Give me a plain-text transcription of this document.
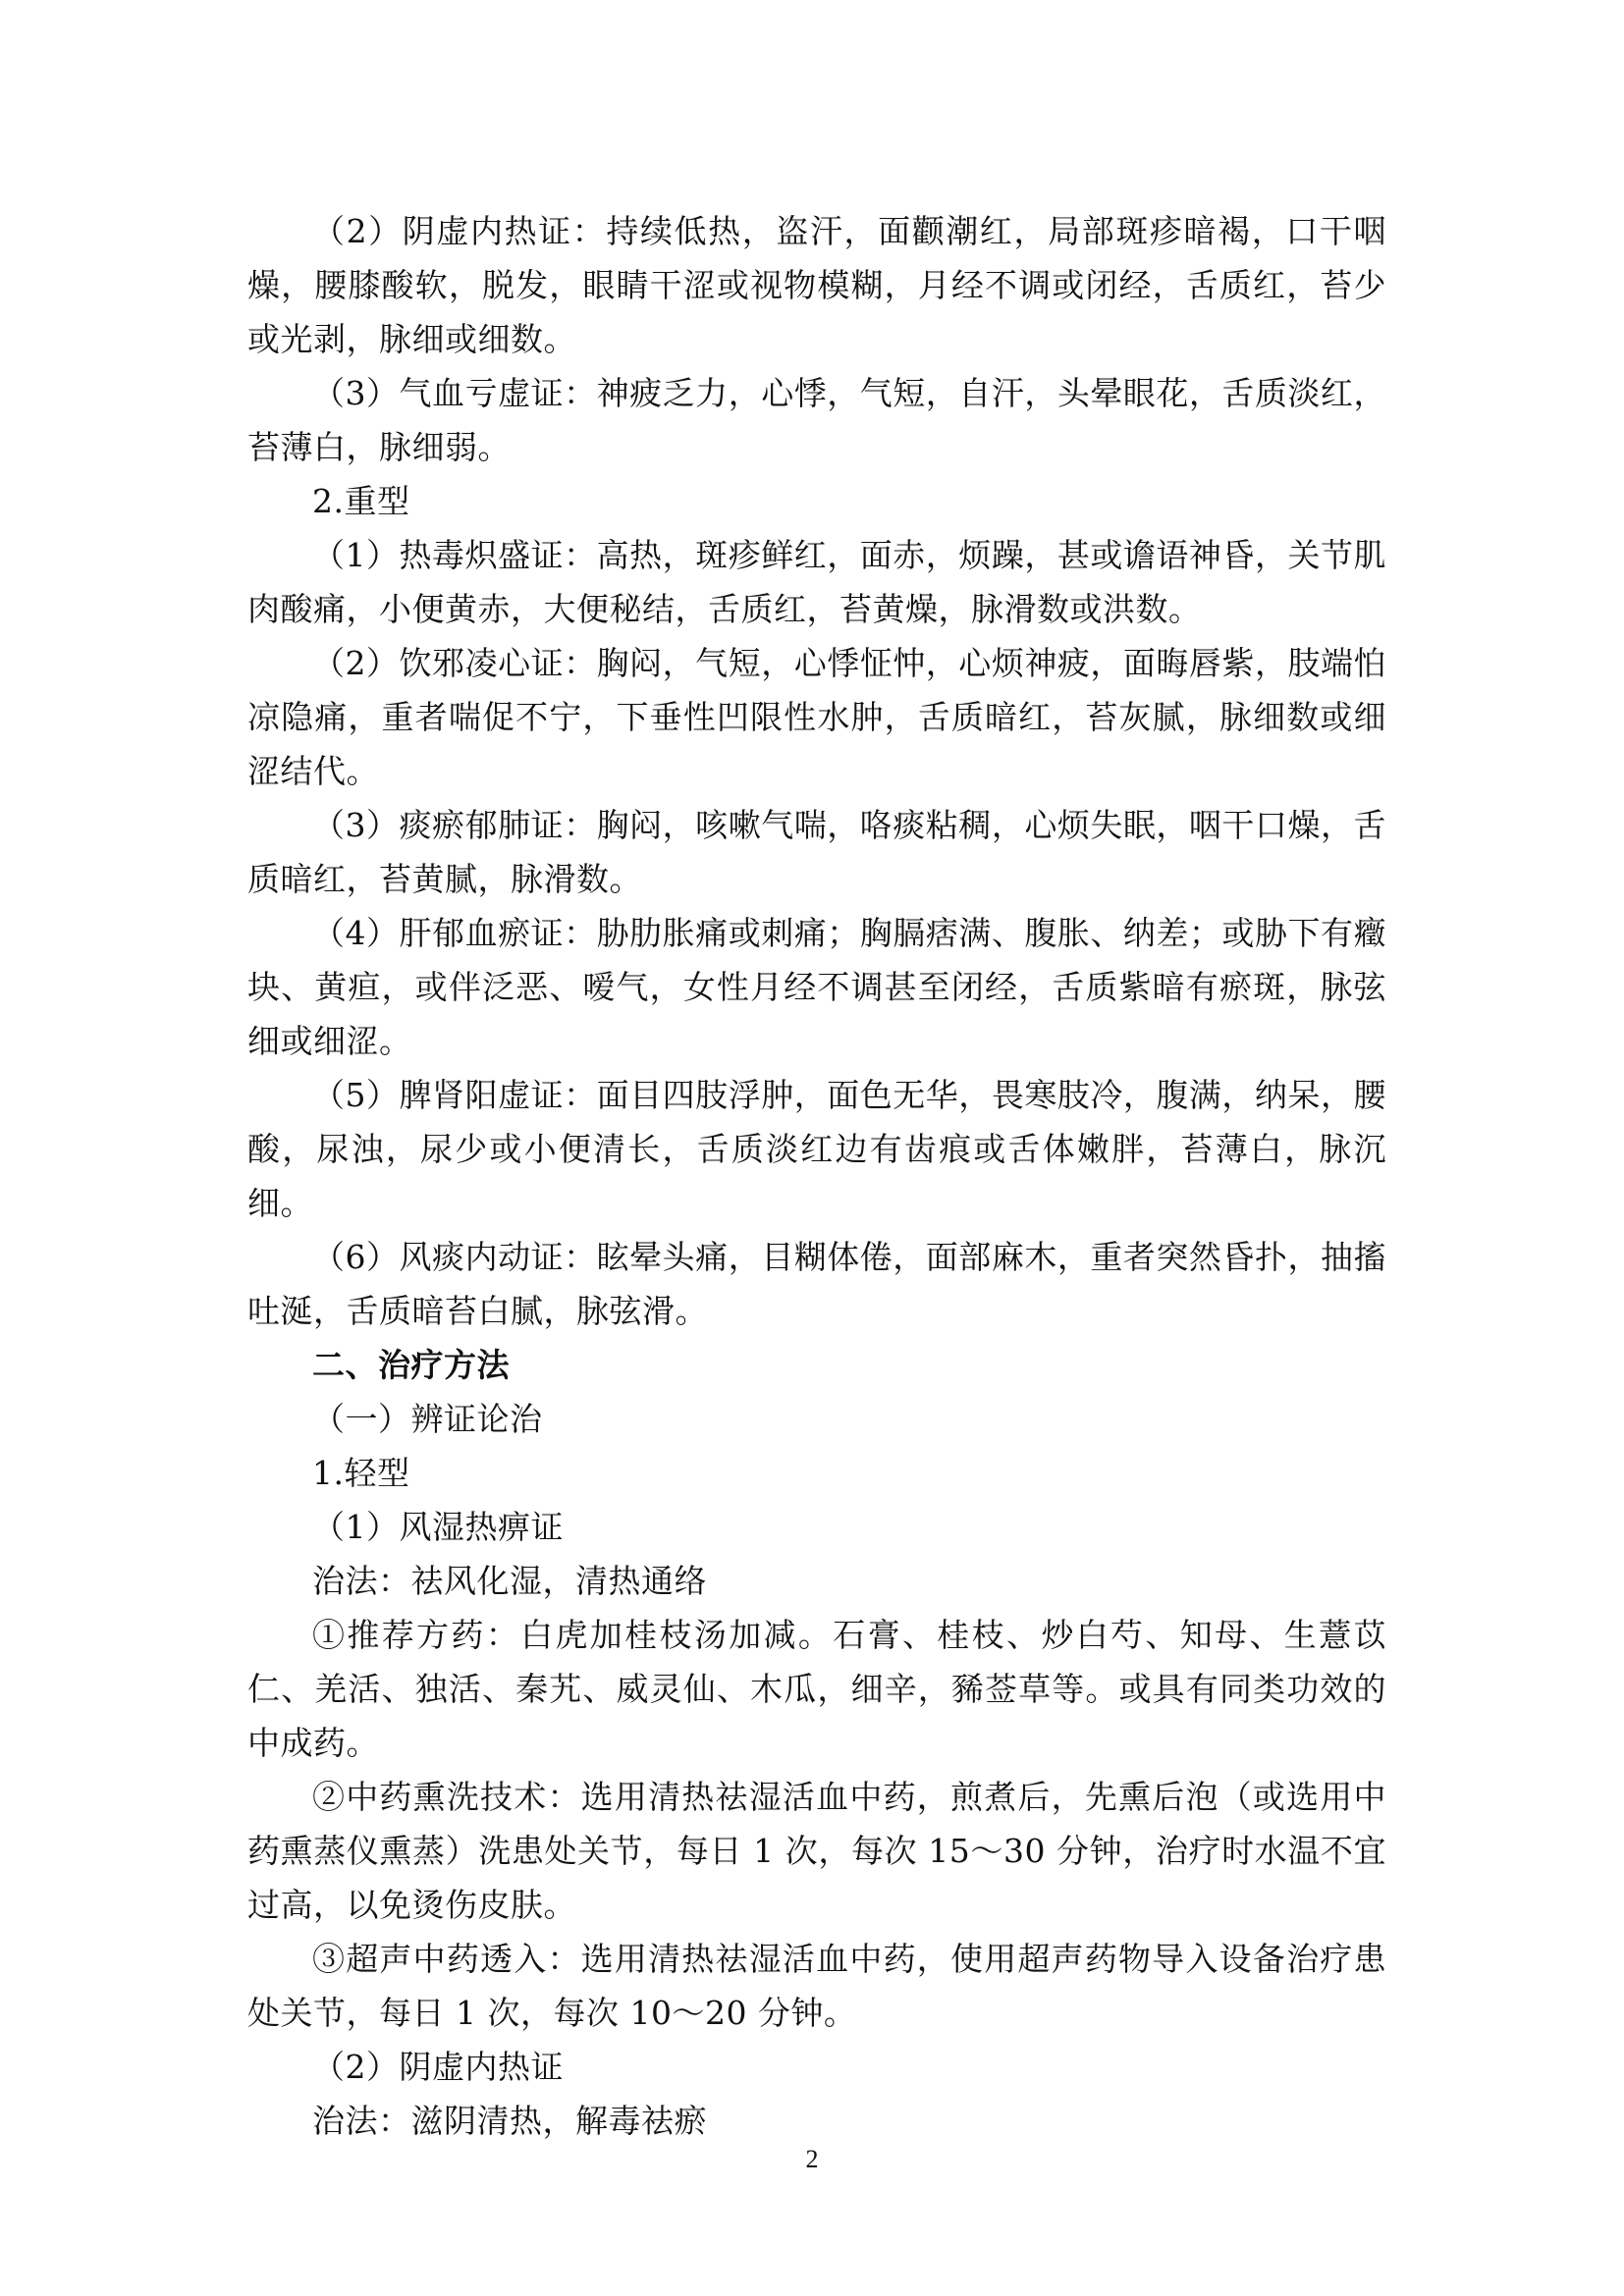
（2）阴虚内热证：持续低热，盗汗，面颧潮红，局部斑疹暗褐，口干咽燥，腰膝酸软，脱发，眼睛干涩或视物模糊，月经不调或闭经，舌质红，苔少或光剥，脉细或细数。

（3）气血亏虚证：神疲乏力，心悸，气短，自汗，头晕眼花，舌质淡红，苔薄白，脉细弱。

2.重型

（1）热毒炽盛证：高热，斑疹鲜红，面赤，烦躁，甚或谵语神昏，关节肌肉酸痛，小便黄赤，大便秘结，舌质红，苔黄燥，脉滑数或洪数。

（2）饮邪凌心证：胸闷，气短，心悸怔忡，心烦神疲，面晦唇紫，肢端怕凉隐痛，重者喘促不宁，下垂性凹限性水肿，舌质暗红，苔灰腻，脉细数或细涩结代。

（3）痰瘀郁肺证：胸闷，咳嗽气喘，咯痰粘稠，心烦失眠，咽干口燥，舌质暗红，苔黄腻，脉滑数。

（4）肝郁血瘀证：胁肋胀痛或刺痛；胸膈痞满、腹胀、纳差；或胁下有癥块、黄疸，或伴泛恶、嗳气，女性月经不调甚至闭经，舌质紫暗有瘀斑，脉弦细或细涩。

（5）脾肾阳虚证：面目四肢浮肿，面色无华，畏寒肢冷，腹满，纳呆，腰酸，尿浊，尿少或小便清长，舌质淡红边有齿痕或舌体嫩胖，苔薄白，脉沉细。

（6）风痰内动证：眩晕头痛，目糊体倦，面部麻木，重者突然昏扑，抽搐吐涎，舌质暗苔白腻，脉弦滑。

二、治疗方法

（一）辨证论治

1.轻型

（1）风湿热痹证

治法：祛风化湿，清热通络

①推荐方药：白虎加桂枝汤加减。石膏、桂枝、炒白芍、知母、生薏苡仁、羌活、独活、秦艽、威灵仙、木瓜，细辛，豨莶草等。或具有同类功效的中成药。

②中药熏洗技术：选用清热祛湿活血中药，煎煮后，先熏后泡（或选用中药熏蒸仪熏蒸）洗患处关节，每日 1 次，每次 15～30 分钟，治疗时水温不宜过高，以免烫伤皮肤。

③超声中药透入：选用清热祛湿活血中药，使用超声药物导入设备治疗患处关节，每日 1 次，每次 10～20 分钟。

（2）阴虚内热证

治法：滋阴清热，解毒祛瘀

2
